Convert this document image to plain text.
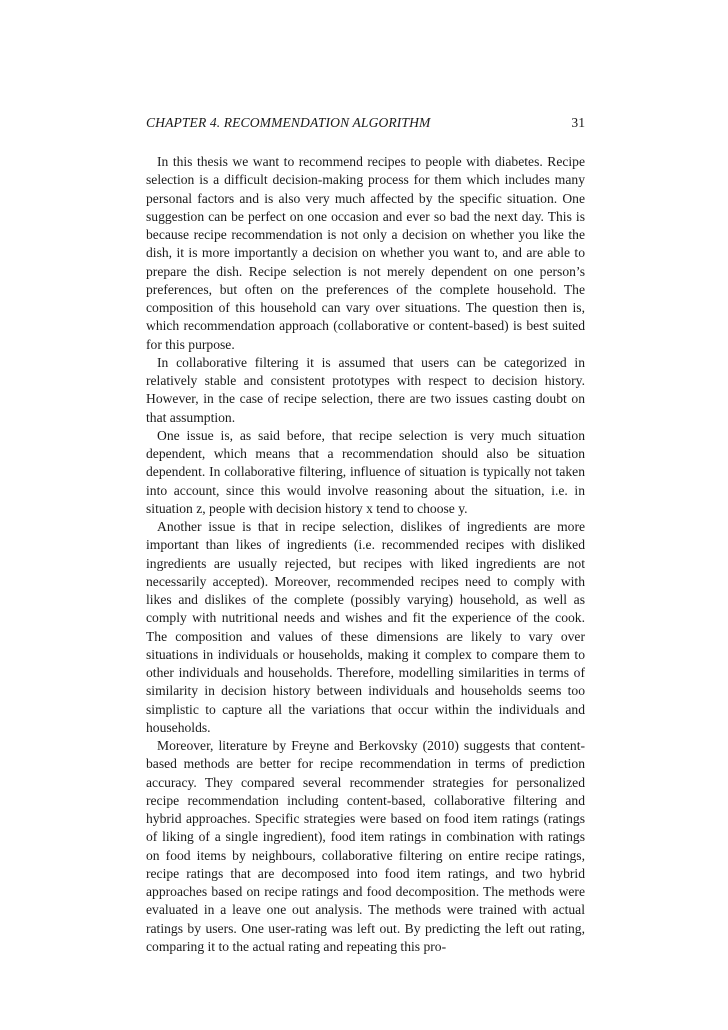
CHAPTER 4. RECOMMENDATION ALGORITHM	31

In this thesis we want to recommend recipes to people with diabetes. Recipe selection is a difficult decision-making process for them which includes many personal factors and is also very much affected by the specific situation. One suggestion can be perfect on one occasion and ever so bad the next day. This is because recipe recommendation is not only a decision on whether you like the dish, it is more importantly a decision on whether you want to, and are able to prepare the dish. Recipe selection is not merely dependent on one person’s preferences, but often on the preferences of the complete household. The composition of this household can vary over situations. The question then is, which recommendation approach (collaborative or content-based) is best suited for this purpose.

In collaborative filtering it is assumed that users can be categorized in relatively stable and consistent prototypes with respect to decision history. However, in the case of recipe selection, there are two issues casting doubt on that assumption.

One issue is, as said before, that recipe selection is very much situation dependent, which means that a recommendation should also be situation dependent. In collaborative filtering, influence of situation is typically not taken into account, since this would involve reasoning about the situation, i.e. in situation z, people with decision history x tend to choose y.

Another issue is that in recipe selection, dislikes of ingredients are more important than likes of ingredients (i.e. recommended recipes with disliked ingredients are usually rejected, but recipes with liked ingredients are not necessarily accepted). Moreover, recommended recipes need to comply with likes and dislikes of the complete (possibly varying) household, as well as comply with nutritional needs and wishes and fit the experience of the cook. The composition and values of these dimensions are likely to vary over situations in individuals or households, making it complex to compare them to other individuals and households. Therefore, modelling similarities in terms of similarity in decision history between individuals and households seems too simplistic to capture all the variations that occur within the individuals and households.

Moreover, literature by Freyne and Berkovsky (2010) suggests that content-based methods are better for recipe recommendation in terms of prediction accuracy. They compared several recommender strategies for personalized recipe recommendation including content-based, collaborative filtering and hybrid approaches. Specific strategies were based on food item ratings (ratings of liking of a single ingredient), food item ratings in combination with ratings on food items by neighbours, collaborative filtering on entire recipe ratings, recipe ratings that are decomposed into food item ratings, and two hybrid approaches based on recipe ratings and food decomposition. The methods were evaluated in a leave one out analysis. The methods were trained with actual ratings by users. One user-rating was left out. By predicting the left out rating, comparing it to the actual rating and repeating this pro-
